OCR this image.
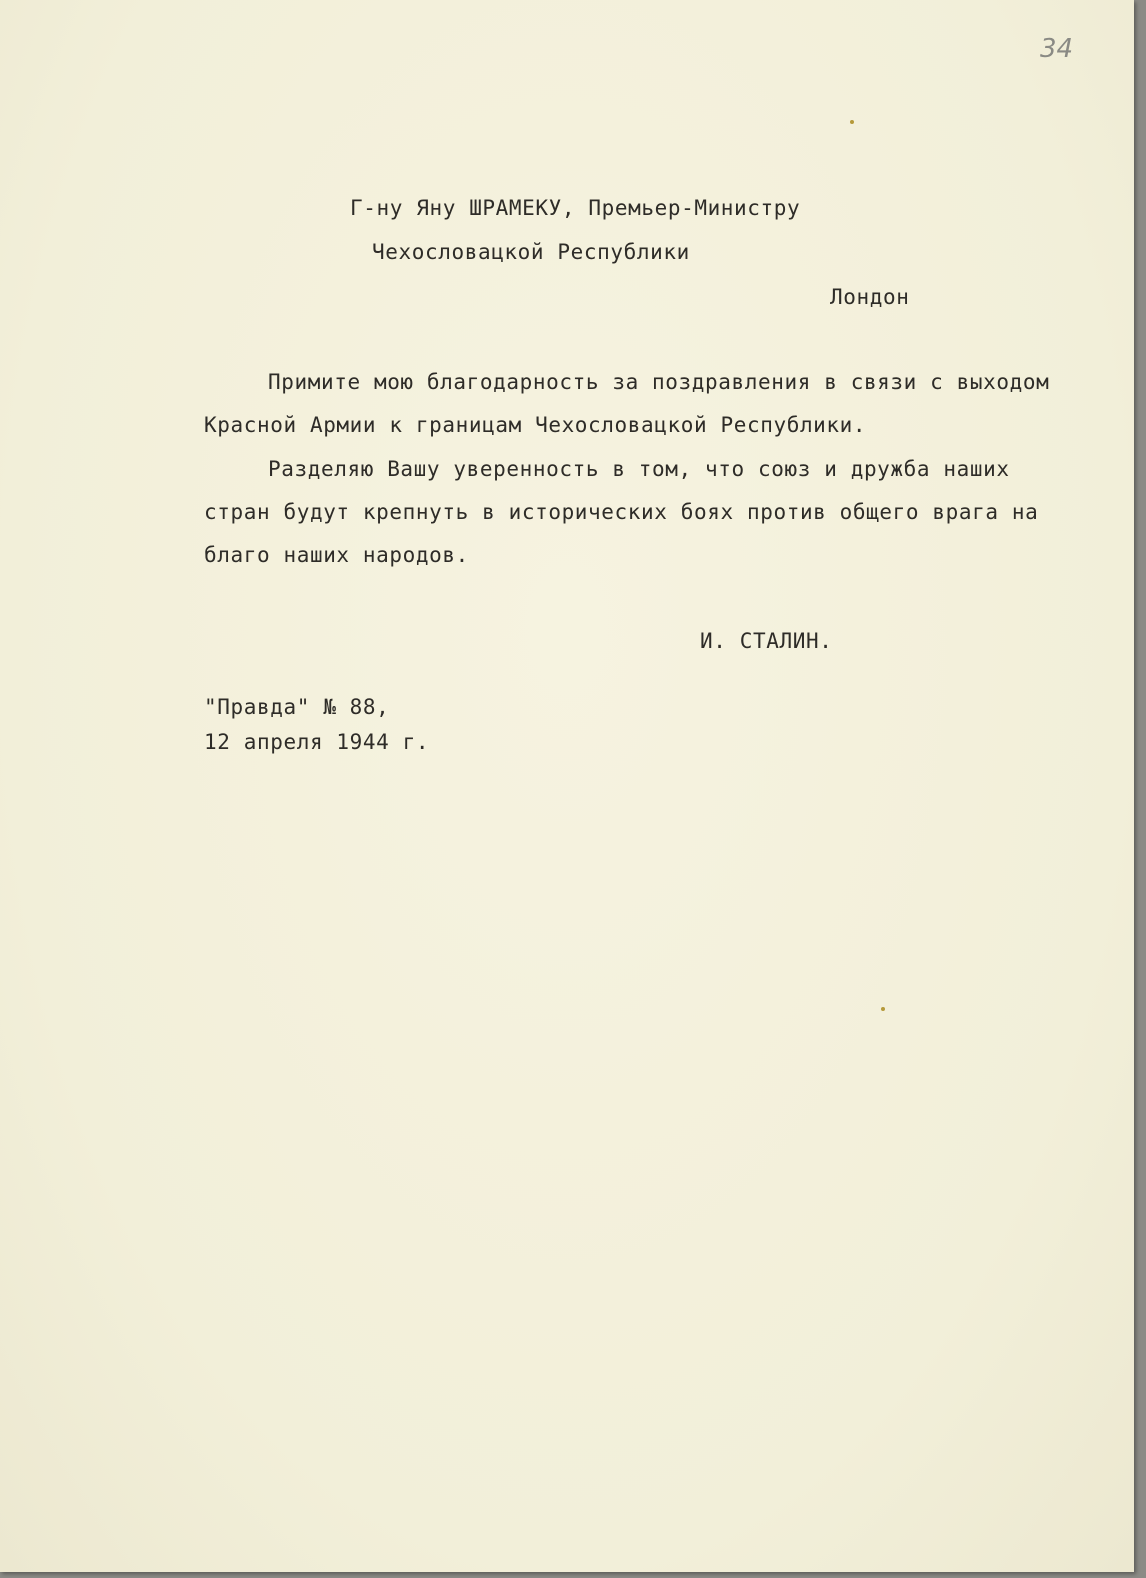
34
Г-ну Яну ШРАМЕКУ, Премьер-Министру
Чехословацкой Республики
Лондон
Примите мою благодарность за поздравления в связи с выходом
Красной Армии к границам Чехословацкой Республики.
Разделяю Вашу уверенность в том, что союз и дружба наших
стран будут крепнуть в исторических боях против общего врага на
благо наших народов.
И. СТАЛИН.
"Правда" № 88,
12 апреля 1944 г.
